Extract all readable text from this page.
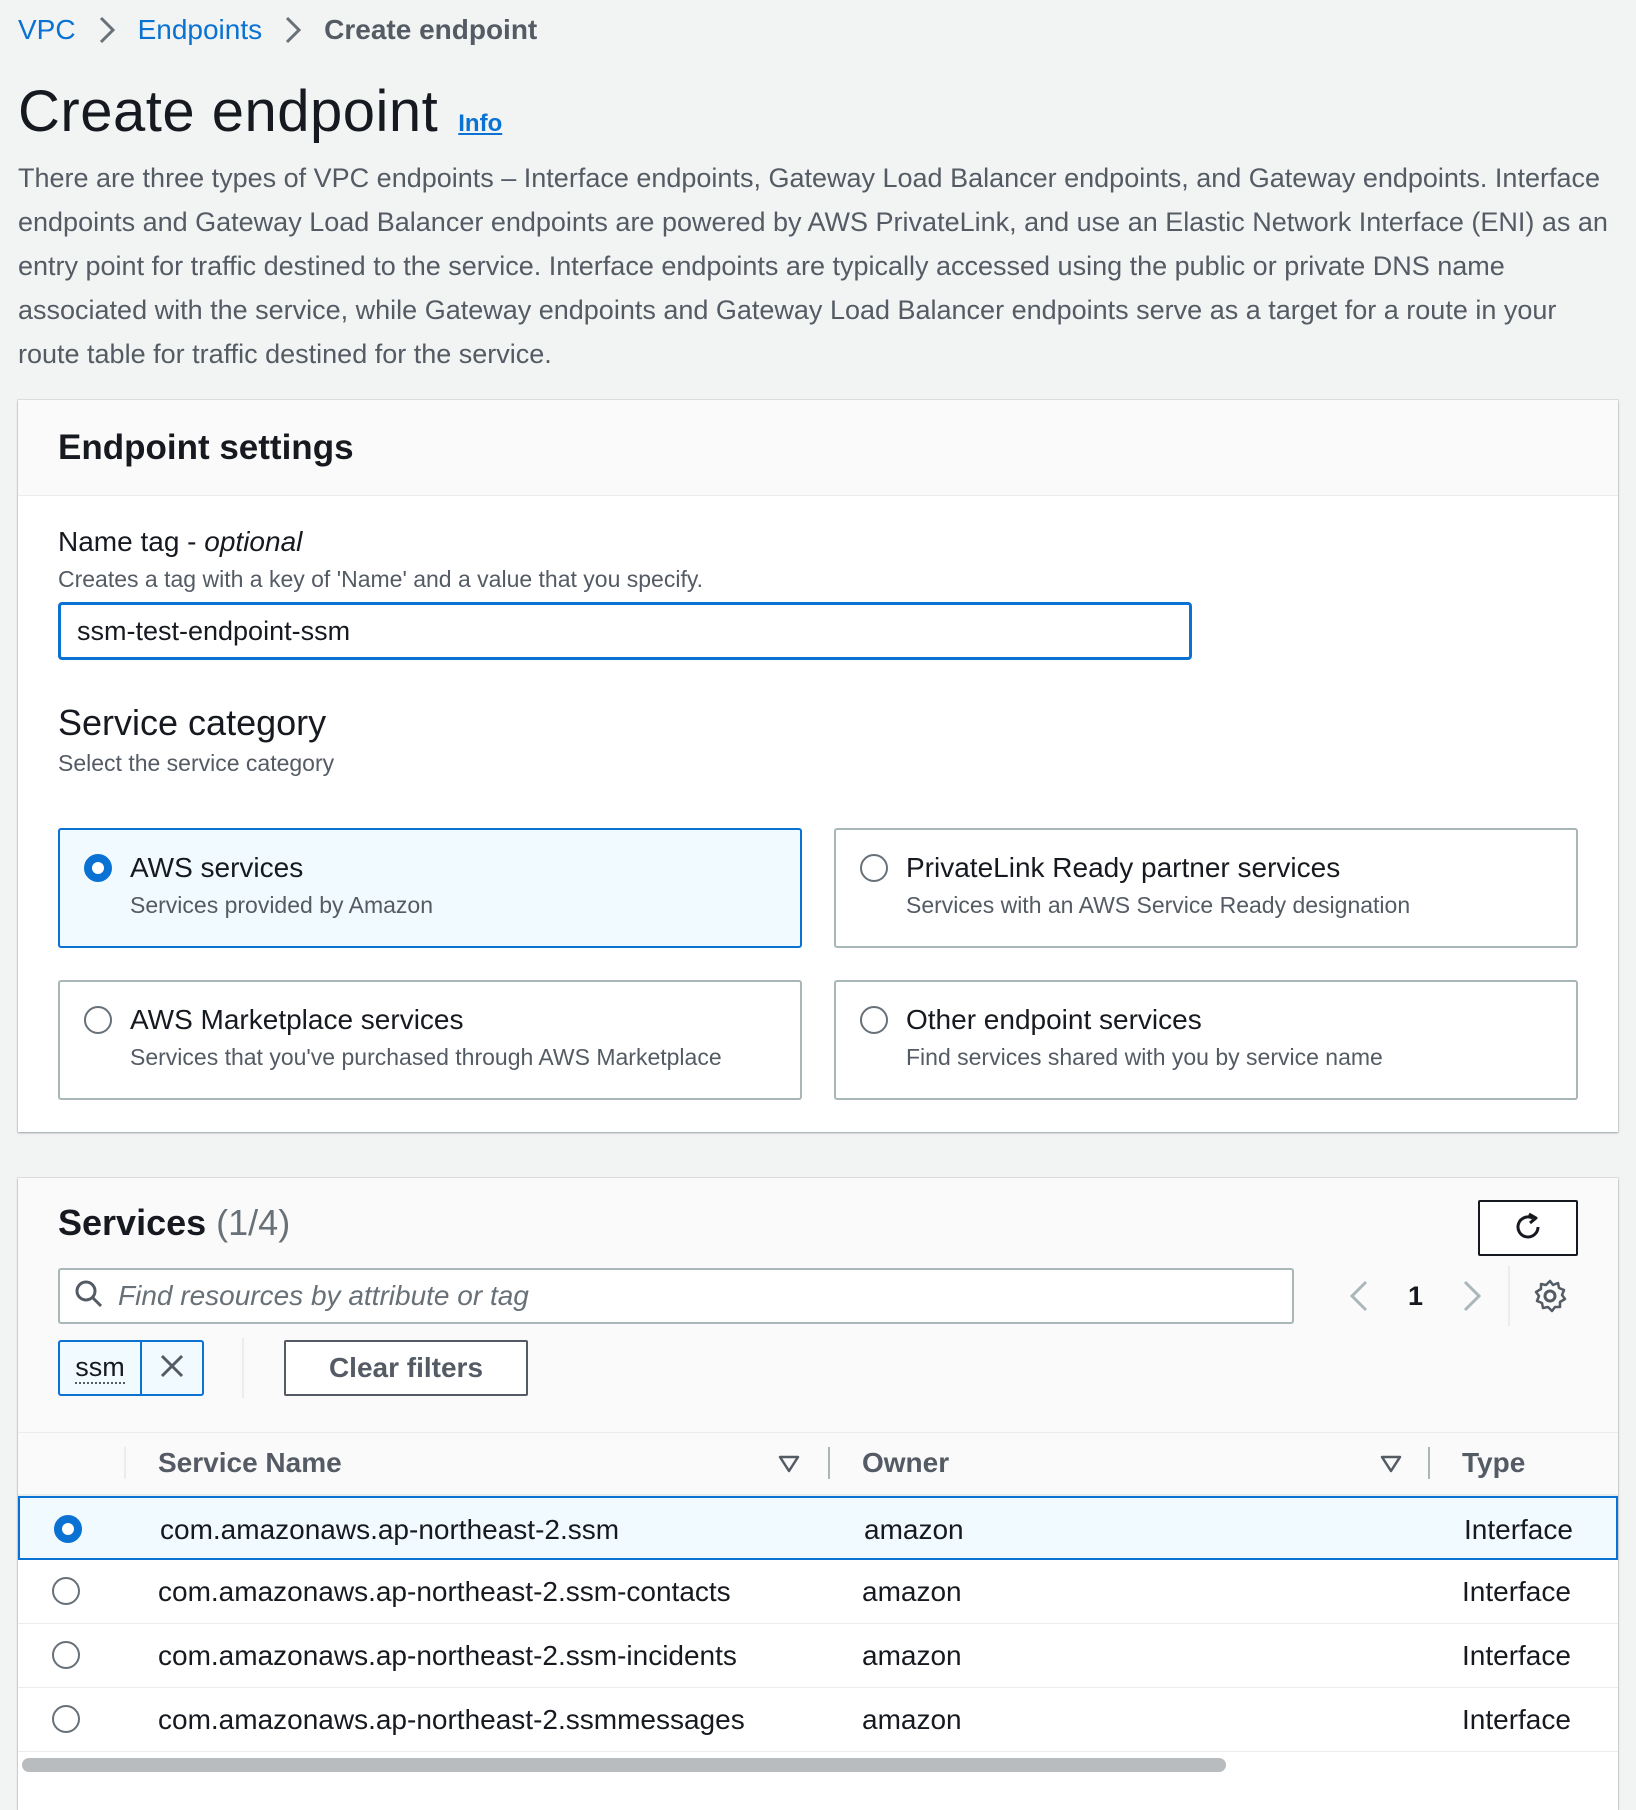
VPC Endpoints Create endpoint
Create endpoint Info

There are three types of VPC endpoints – Interface endpoints, Gateway Load Balancer endpoints, and Gateway endpoints. Interface endpoints and Gateway Load Balancer endpoints are powered by AWS PrivateLink, and use an Elastic Network Interface (ENI) as an entry point for traffic destined to the service. Interface endpoints are typically accessed using the public or private DNS name associated with the service, while Gateway endpoints and Gateway Load Balancer endpoints serve as a target for a route in your route table for traffic destined for the service.

Endpoint settings
Name tag - optional
Creates a tag with a key of 'Name' and a value that you specify.
ssm-test-endpoint-ssm
Service category
Select the service category
AWS services
Services provided by Amazon
PrivateLink Ready partner services
Services with an AWS Service Ready designation
AWS Marketplace services
Services that you've purchased through AWS Marketplace
Other endpoint services
Find services shared with you by service name
Services (1/4)
Find resources by attribute or tag
1
ssm	Clear filters
Service Name	Owner	Type
com.amazonaws.ap-northeast-2.ssm	amazon	Interface
com.amazonaws.ap-northeast-2.ssm-contacts	amazon	Interface
com.amazonaws.ap-northeast-2.ssm-incidents	amazon	Interface
com.amazonaws.ap-northeast-2.ssmmessages	amazon	Interface
